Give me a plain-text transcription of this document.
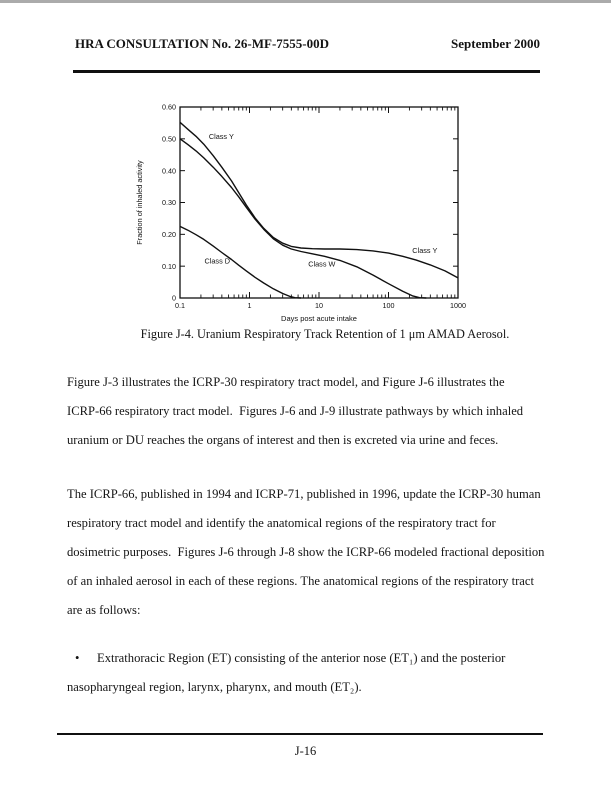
HRA CONSULTATION No. 26-MF-7555-00D	September 2000
0
0.10
0.20
0.30
0.40
0.50
0.60
0.1	1	10	100	1000
Class Y
Class D	Class W
Class Y
Fraction of inhaled activity
Days post acute intake
Figure J-4. Uranium Respiratory Track Retention of 1 μm AMAD Aerosol.
Figure J-3 illustrates the ICRP-30 respiratory tract model, and Figure J-6 illustrates the
ICRP-66 respiratory tract model.  Figures J-6 and J-9 illustrate pathways by which inhaled
uranium or DU reaches the organs of interest and then is excreted via urine and feces.
The ICRP-66, published in 1994 and ICRP-71, published in 1996, update the ICRP-30 human
respiratory tract model and identify the anatomical regions of the respiratory tract for
dosimetric purposes.  Figures J-6 through J-8 show the ICRP-66 modeled fractional deposition
of an inhaled aerosol in each of these regions. The anatomical regions of the respiratory tract
are as follows:
• Extrathoracic Region (ET) consisting of the anterior nose (ET₁) and the posterior
nasopharyngeal region, larynx, pharynx, and mouth (ET₂).
J-16
